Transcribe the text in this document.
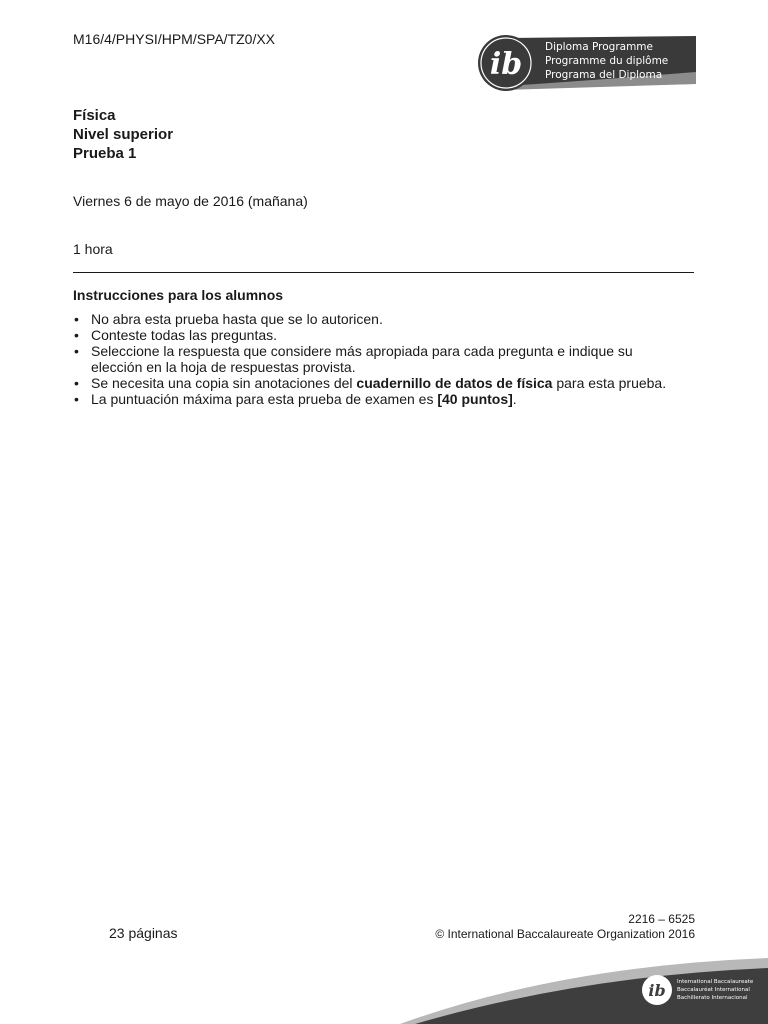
M16/4/PHYSI/HPM/SPA/TZ0/XX
ib Diploma Programme
Programme du diplôme
Programa del Diploma
Física
Nivel superior
Prueba 1
Viernes 6 de mayo de 2016 (mañana)
1 hora
Instrucciones para los alumnos
• No abra esta prueba hasta que se lo autoricen.
• Conteste todas las preguntas.
• Seleccione la respuesta que considere más apropiada para cada pregunta e indique su elección en la hoja de respuestas provista.
• Se necesita una copia sin anotaciones del cuadernillo de datos de física para esta prueba.
• La puntuación máxima para esta prueba de examen es [40 puntos].
23 páginas
2216 – 6525
© International Baccalaureate Organization 2016
ib International Baccalaureate
Baccalauréat International
Bachillerato Internacional
